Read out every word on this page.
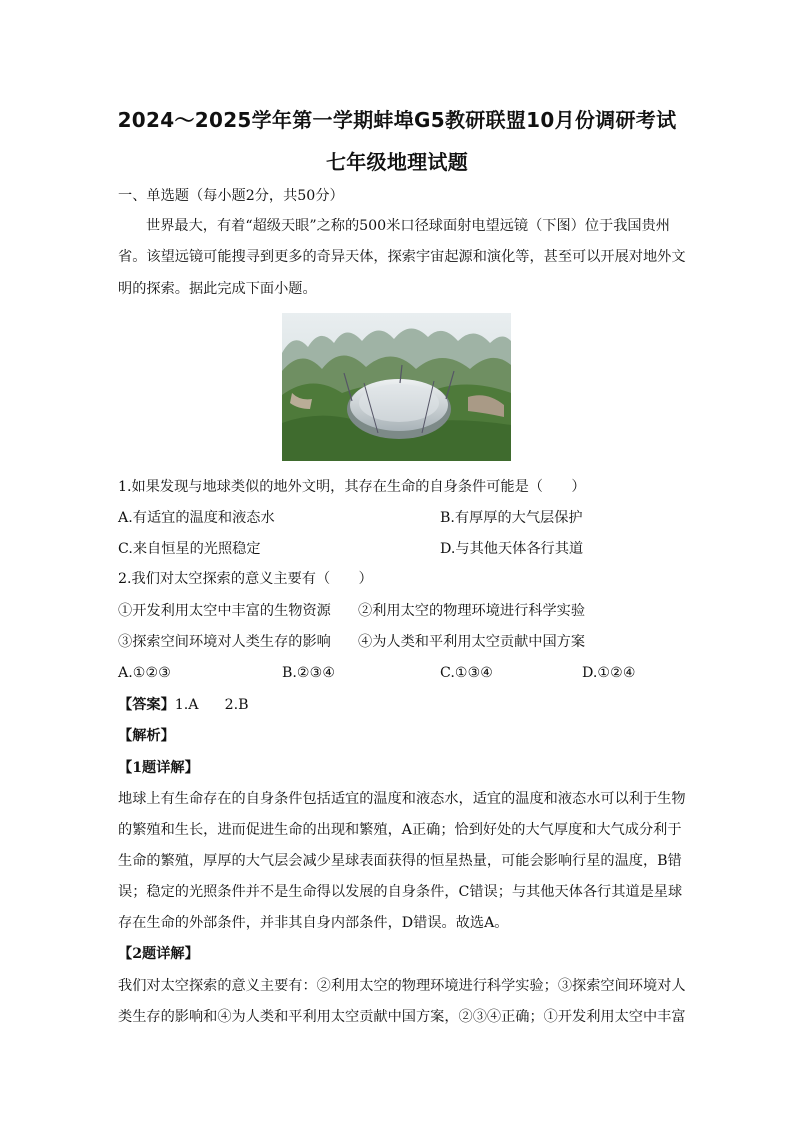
2024～2025学年第一学期蚌埠G5教研联盟10月份调研考试
七年级地理试题
一、单选题（每小题2分，共50分）
世界最大，有着“超级天眼”之称的500米口径球面射电望远镜（下图）位于我国贵州
省。该望远镜可能搜寻到更多的奇异天体，探索宇宙起源和演化等，甚至可以开展对地外文
明的探索。据此完成下面小题。
1.如果发现与地球类似的地外文明，其存在生命的自身条件可能是（　　）
A.有适宜的温度和液态水	B.有厚厚的大气层保护
C.来自恒星的光照稳定	D.与其他天体各行其道
2.我们对太空探索的意义主要有（　　）
①开发利用太空中丰富的生物资源 ②利用太空的物理环境进行科学实验
③探索空间环境对人类生存的影响 ④为人类和平利用太空贡献中国方案
A.①②③	B.②③④	C.①③④	D.①②④
【答案】1.A 2.B
【解析】
【1题详解】
地球上有生命存在的自身条件包括适宜的温度和液态水，适宜的温度和液态水可以利于生物
的繁殖和生长，进而促进生命的出现和繁殖，A正确；恰到好处的大气厚度和大气成分利于
生命的繁殖，厚厚的大气层会减少星球表面获得的恒星热量，可能会影响行星的温度，B错
误；稳定的光照条件并不是生命得以发展的自身条件，C错误；与其他天体各行其道是星球
存在生命的外部条件，并非其自身内部条件，D错误。故选A。
【2题详解】
我们对太空探索的意义主要有：②利用太空的物理环境进行科学实验；③探索空间环境对人
类生存的影响和④为人类和平利用太空贡献中国方案，②③④正确；①开发利用太空中丰富
